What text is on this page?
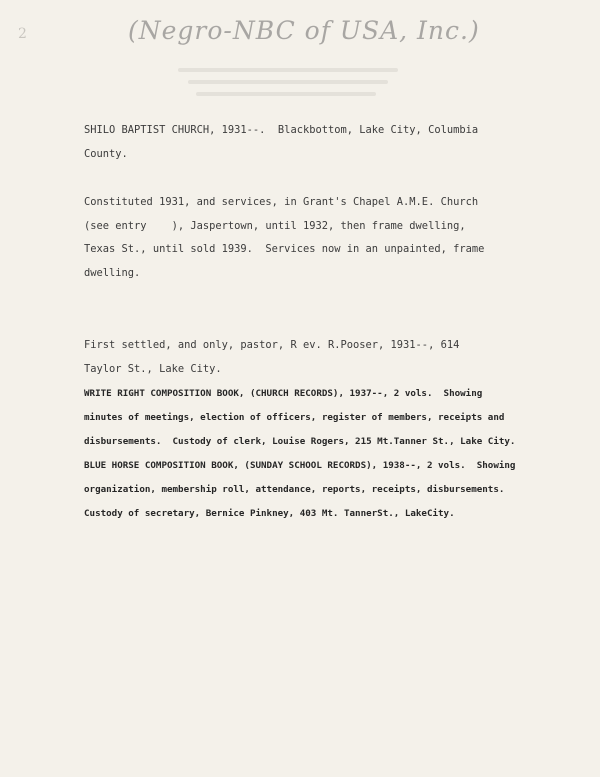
2	(Negro-NBC of USA, Inc.)

SHILO BAPTIST CHURCH, 1931--.  Blackbottom, Lake City, Columbia
County.

Constituted 1931, and services, in Grant's Chapel A.M.E. Church
(see entry    ), Jaspertown, until 1932, then frame dwelling,
Texas St., until sold 1939.  Services now in an unpainted, frame
dwelling.

First settled, and only, pastor, R ev. R.Pooser, 1931--, 614
Taylor St., Lake City.

WRITE RIGHT COMPOSITION BOOK, (CHURCH RECORDS), 1937--, 2 vols.  Showing

minutes of meetings, election of officers, register of members, receipts and

disbursements.  Custody of clerk, Louise Rogers, 215 Mt.Tanner St., Lake City.

BLUE HORSE COMPOSITION BOOK, (SUNDAY SCHOOL RECORDS), 1938--, 2 vols.  Showing

organization, membership roll, attendance, reports, receipts, disbursements.

Custody of secretary, Bernice Pinkney, 403 Mt. TannerSt., LakeCity.
